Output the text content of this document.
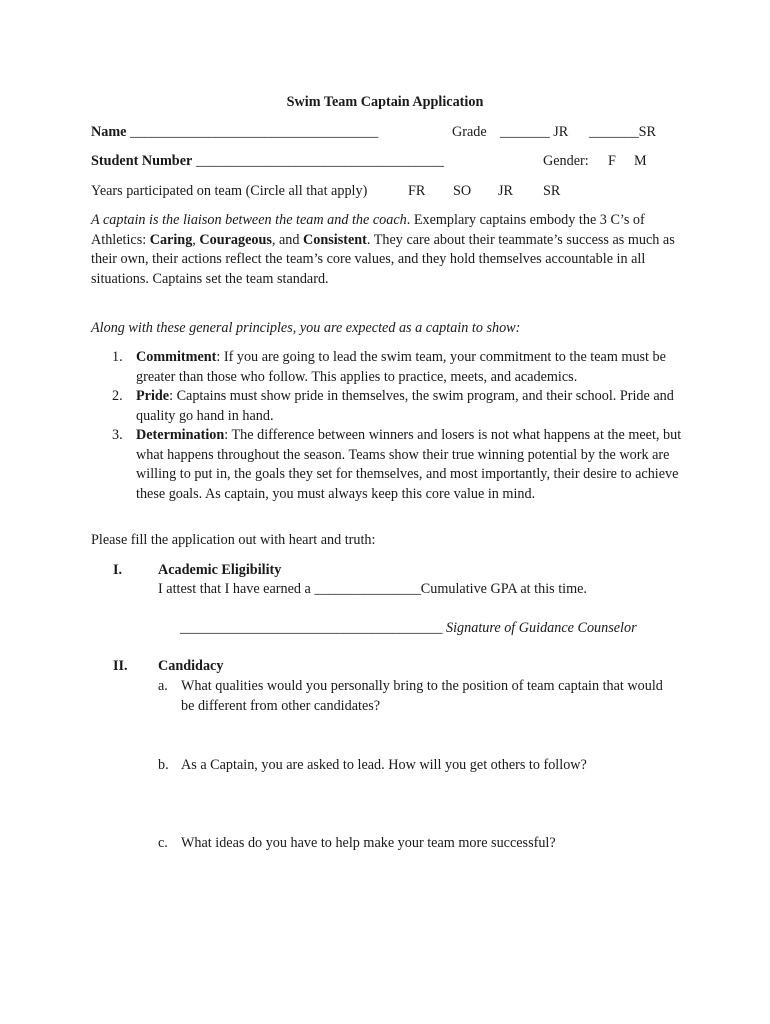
Swim Team Captain Application
Name ___________________________________	Grade _______ JR _______SR
Student Number ___________________________________	Gender: F M
Years participated on team (Circle all that apply)	FR SO JR SR
A captain is the liaison between the team and the coach. Exemplary captains embody the 3 C’s of Athletics: Caring, Courageous, and Consistent. They care about their teammate’s success as much as their own, their actions reflect the team’s core values, and they hold themselves accountable in all situations. Captains set the team standard.
Along with these general principles, you are expected as a captain to show:
1. Commitment: If you are going to lead the swim team, your commitment to the team must be greater than those who follow. This applies to practice, meets, and academics.
2. Pride: Captains must show pride in themselves, the swim program, and their school. Pride and quality go hand in hand.
3. Determination: The difference between winners and losers is not what happens at the meet, but what happens throughout the season. Teams show their true winning potential by the work are willing to put in, the goals they set for themselves, and most importantly, their desire to achieve these goals. As captain, you must always keep this core value in mind.
Please fill the application out with heart and truth:
I.	Academic Eligibility
I attest that I have earned a _______________Cumulative GPA at this time.
_____________________________________ Signature of Guidance Counselor
II. Candidacy
a. What qualities would you personally bring to the position of team captain that would be different from other candidates?
b. As a Captain, you are asked to lead. How will you get others to follow?
c. What ideas do you have to help make your team more successful?
